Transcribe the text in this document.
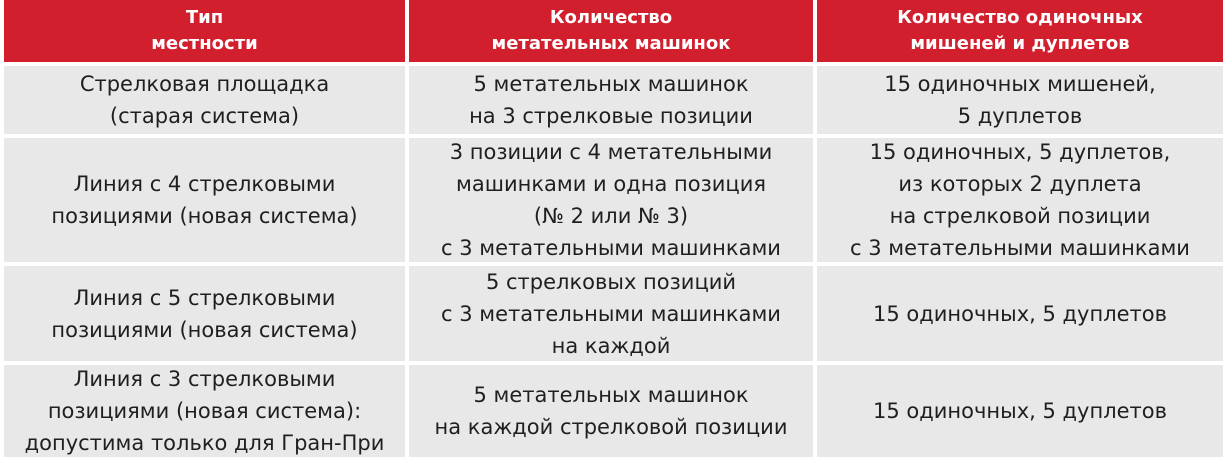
Тип
местности
Количество
метательных машинок
Количество одиночных
мишеней и дуплетов
Стрелковая площадка
(старая система)
5 метательных машинок
на 3 стрелковые позиции
15 одиночных мишеней,
5 дуплетов
Линия с 4 стрелковыми
позициями (новая система)
3 позиции с 4 метательными
машинками и одна позиция
(№ 2 или № 3)
с 3 метательными машинками
15 одиночных, 5 дуплетов,
из которых 2 дуплета
на стрелковой позиции
с 3 метательными машинками
Линия с 5 стрелковыми
позициями (новая система)
5 стрелковых позиций
с 3 метательными машинками
на каждой
15 одиночных, 5 дуплетов
Линия с 3 стрелковыми
позициями (новая система):
допустима только для Гран-При
5 метательных машинок
на каждой стрелковой позиции
15 одиночных, 5 дуплетов
